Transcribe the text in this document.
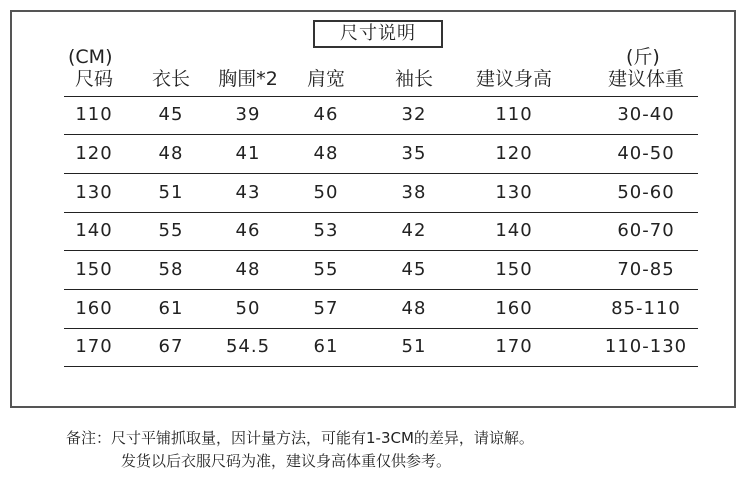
尺寸说明
(CM)	(斤)
尺码	衣长	胸围*2	肩宽	袖长	建议身高	建议体重
110	45	39	46	32	110	30-40
120	48	41	48	35	120	40-50
130	51	43	50	38	130	50-60
140	55	46	53	42	140	60-70
150	58	48	55	45	150	70-85
160	61	50	57	48	160	85-110
170	67	54.5	61	51	170	110-130
备注：尺寸平铺抓取量，因计量方法，可能有1-3CM的差异，请谅解。
发货以后衣服尺码为准，建议身高体重仅供参考。
